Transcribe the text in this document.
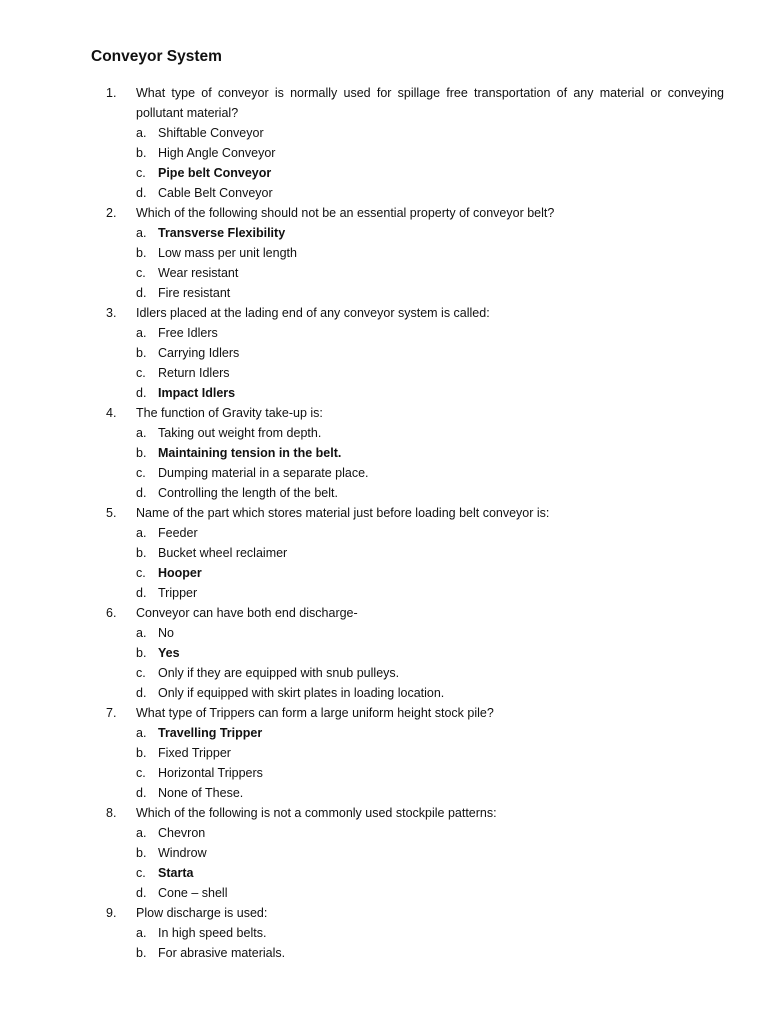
Conveyor System
1.	What type of conveyor is normally used for spillage free transportation of any material or conveying
pollutant material?
a. Shiftable Conveyor
b. High Angle Conveyor
c. Pipe belt Conveyor
d. Cable Belt Conveyor
2.	Which of the following should not be an essential property of conveyor belt?
a. Transverse Flexibility
b. Low mass per unit length
c. Wear resistant
d. Fire resistant
3.	Idlers placed at the lading end of any conveyor system is called:
a. Free Idlers
b. Carrying Idlers
c. Return Idlers
d. Impact Idlers
4.	The function of Gravity take-up is:
a. Taking out weight from depth.
b. Maintaining tension in the belt.
c. Dumping material in a separate place.
d. Controlling the length of the belt.
5.	Name of the part which stores material just before loading belt conveyor is:
a. Feeder
b. Bucket wheel reclaimer
c. Hooper
d. Tripper
6.	Conveyor can have both end discharge-
a. No
b. Yes
c. Only if they are equipped with snub pulleys.
d. Only if equipped with skirt plates in loading location.
7.	What type of Trippers can form a large uniform height stock pile?
a. Travelling Tripper
b. Fixed Tripper
c. Horizontal Trippers
d. None of These.
8.	Which of the following is not a commonly used stockpile patterns:
a. Chevron
b. Windrow
c. Starta
d. Cone – shell
9.	Plow discharge is used:
a. In high speed belts.
b. For abrasive materials.
